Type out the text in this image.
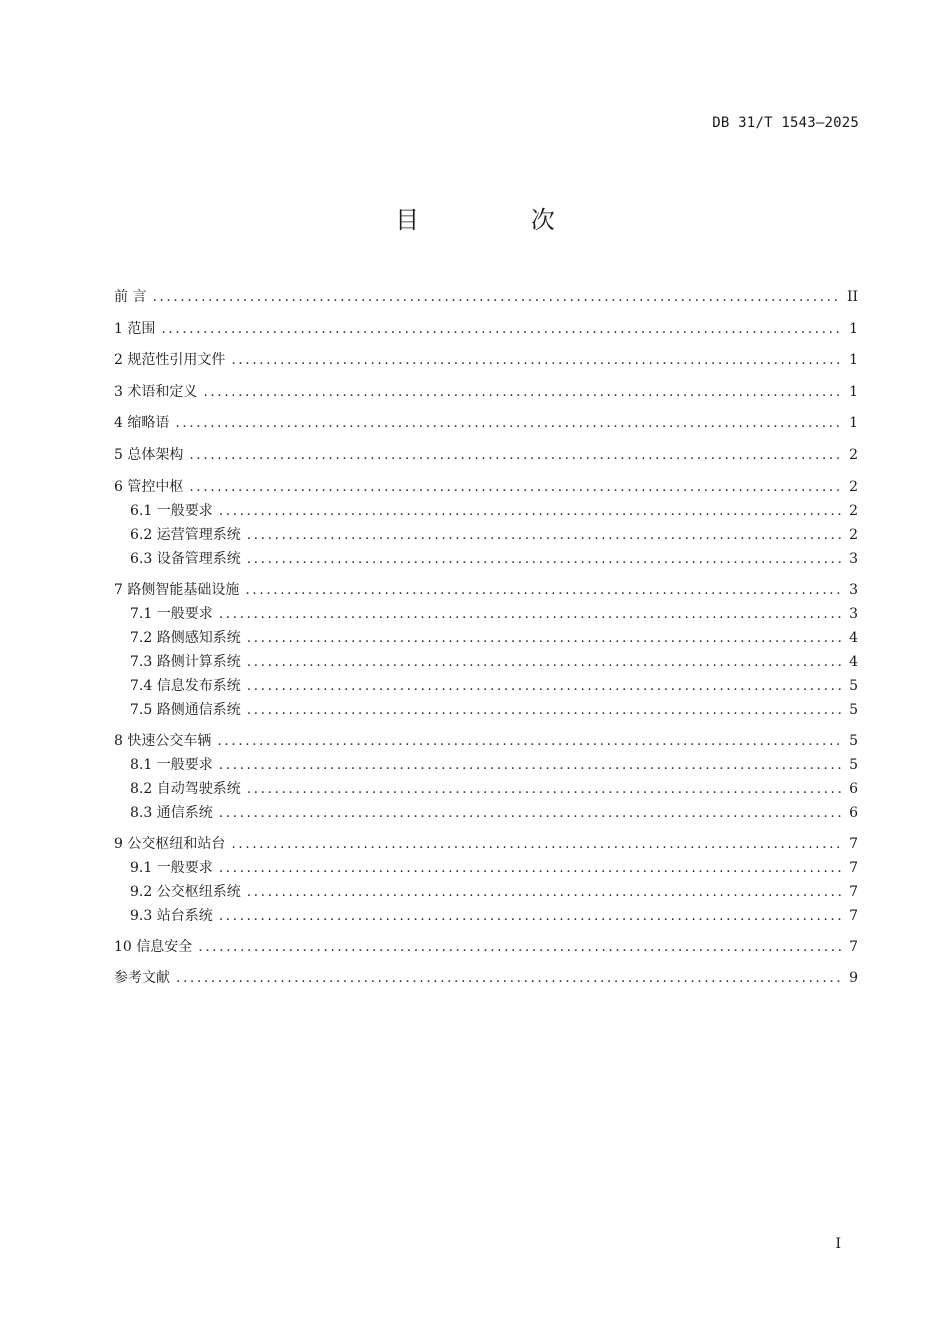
DB 31/T 1543—2025
目 次
前 言 .....	II
1 范围 .....	1
2 规范性引用文件 .....	1
3 术语和定义 .....	1
4 缩略语 .....	1
5 总体架构 .....	2
6 管控中枢 .....	2
6.1 一般要求 .....	2
6.2 运营管理系统 .....	2
6.3 设备管理系统 .....	3
7 路侧智能基础设施 .....	3
7.1 一般要求 .....	3
7.2 路侧感知系统 .....	4
7.3 路侧计算系统 .....	4
7.4 信息发布系统 .....	5
7.5 路侧通信系统 .....	5
8 快速公交车辆 .....	5
8.1 一般要求 .....	5
8.2 自动驾驶系统 .....	6
8.3 通信系统 .....	6
9 公交枢纽和站台 .....	7
9.1 一般要求 .....	7
9.2 公交枢纽系统 .....	7
9.3 站台系统 .....	7
10 信息安全 .....	7
参考文献 .....	9
I
